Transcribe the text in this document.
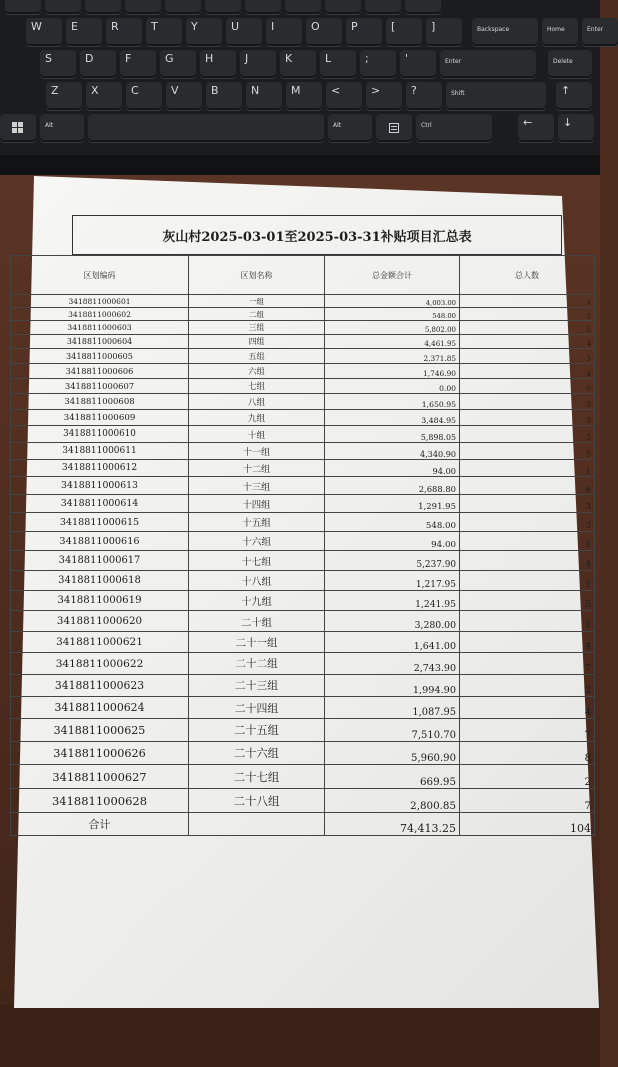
W	E	R	T	Y	U	I	O	P	[	]	Backspace	Home	Enter
S	D	F	G	H	J	K	L	;	'	Enter	Delete
Z	X	C	V	B	N	M	<	>	?	Shift	↑
Alt	Alt	Ctrl	←	↓
灰山村2025-03-01至2025-03-31补贴项目汇总表
区划编码	区划名称	总金额合计	总人数
3418811000601	一组	4,003.00	4
3418811000602	二组	548.00	2
3418811000603	三组	5,802.00	5
3418811000604	四组	4,461.95	4
3418811000605	五组	2,371.85	3
3418811000606	六组	1,746.90	4
3418811000607	七组	0.00	0
3418811000608	八组	1,650.95	3
3418811000609	九组	3,484.95	3
3418811000610	十组	5,898.05	5
3418811000611	十一组	4,340.90	5
3418811000612	十二组	94.00	1
3418811000613	十三组	2,688.80	6
3418811000614	十四组	1,291.95	3
3418811000615	十五组	548.00	3
3418811000616	十六组	94.00	1
3418811000617	十七组	5,237.90	4
3418811000618	十八组	1,217.95	1
3418811000619	十九组	1,241.95	5
3418811000620	二十组	3,280.00	1
3418811000621	二十一组	1,641.00	4
3418811000622	二十二组	2,743.90	7
3418811000623	二十三组	1,994.90	2
3418811000624	二十四组	1,087.95	4
3418811000625	二十五组	7,510.70	7
3418811000626	二十六组	5,960.90	8
3418811000627	二十七组	669.95	2
3418811000628	二十八组	2,800.85	7
合计		74,413.25	104
